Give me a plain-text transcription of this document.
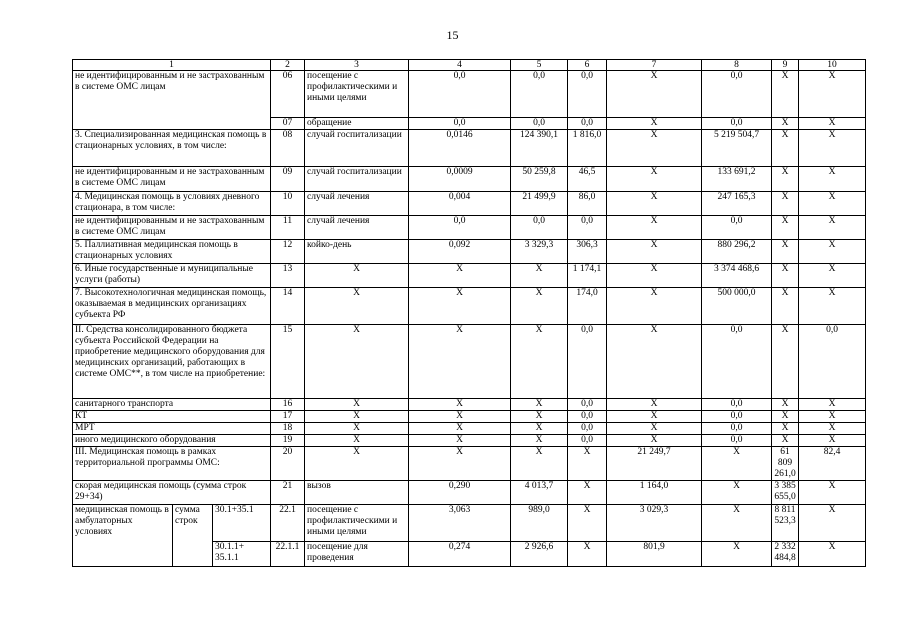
15
1			2	3	4	5	6	7	8	9	10
не идентифицированным и не застрахованным в системе ОМС лицам			06	посещение с профилактическими и иными целями	0,0	0,0	0,0	X	0,0	X	X
			07	обращение	0,0	0,0	0,0	X	0,0	X	X
3. Специализированная медицинская помощь в стационарных условиях, в том числе:			08	случай госпитализации	0,0146	124 390,1	1 816,0	X	5 219 504,7	X	X
не идентифицированным и не застрахованным в системе ОМС лицам			09	случай госпитализации	0,0009	50 259,8	46,5	X	133 691,2	X	X
4. Медицинская помощь в условиях дневного стационара, в том числе:			10	случай лечения	0,004	21 499,9	86,0	X	247 165,3	X	X
не идентифицированным и не застрахованным в системе ОМС лицам			11	случай лечения	0,0	0,0	0,0	X	0,0	X	X
5. Паллиативная медицинская помощь в стационарных условиях			12	койко-день	0,092	3 329,3	306,3	X	880 296,2	X	X
6. Иные государственные и муниципальные услуги (работы)			13	X	X	X	1 174,1	X	3 374 468,6	X	X
7. Высокотехнологичная медицинская помощь, оказываемая в медицинских организациях субъекта РФ			14	X	X	X	174,0	X	500 000,0	X	X
II. Средства консолидированного бюджета субъекта Российской Федерации на приобретение медицинского оборудования для медицинских организаций, работающих в системе ОМС**, в том числе на приобретение:			15	X	X	X	0,0	X	0,0	X	0,0
санитарного транспорта			16	X	X	X	0,0	X	0,0	X	X
КТ			17	X	X	X	0,0	X	0,0	X	X
МРТ			18	X	X	X	0,0	X	0,0	X	X
иного медицинского оборудования			19	X	X	X	0,0	X	0,0	X	X
III. Медицинская помощь в рамках территориальной программы ОМС:			20	X	X	X	X	21 249,7	X	61 809 261,0	82,4
скорая медицинская помощь (сумма строк 29+34)			21	вызов	0,290	4 013,7	X	1 164,0	X	3 385 655,0	X
медицинская помощь в амбулаторных условиях	сумма строк	30.1+35.1	22.1	посещение с профилактическими и иными целями	3,063	989,0	X	3 029,3	X	8 811 523,3	X
		30.1.1+ 35.1.1	22.1.1	посещение для проведения	0,274	2 926,6	X	801,9	X	2 332 484,8	X
